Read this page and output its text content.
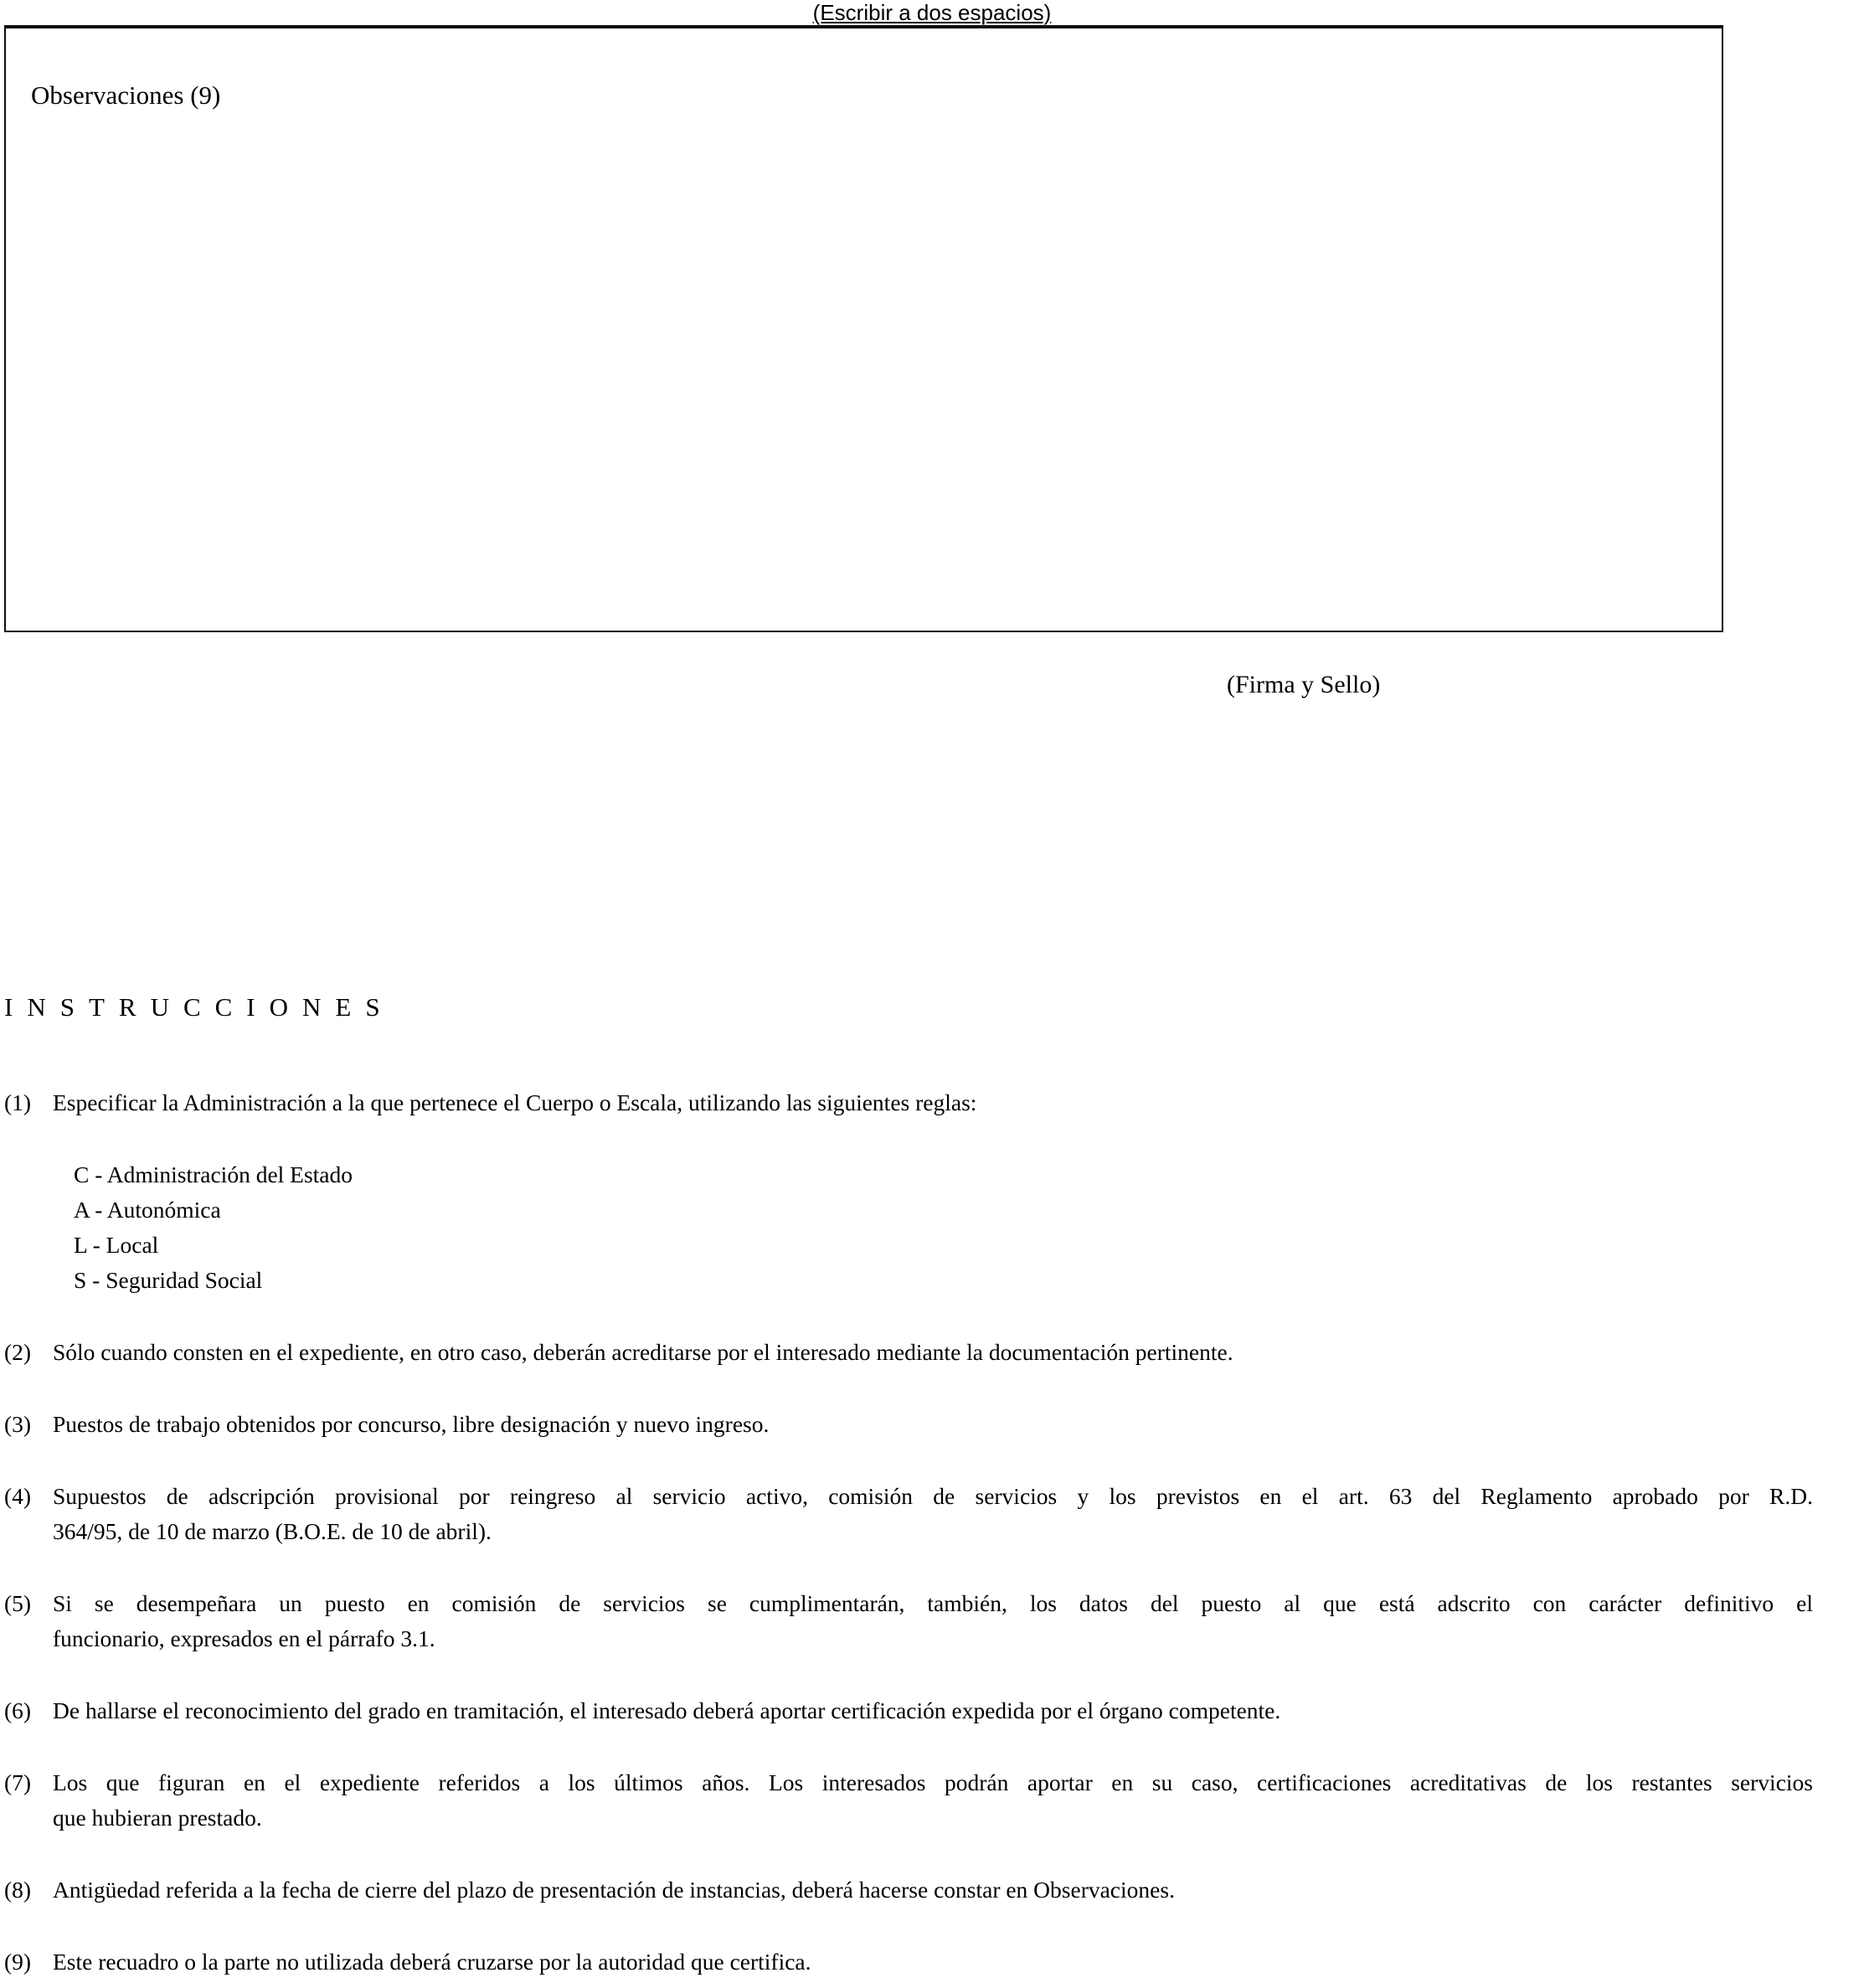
(Escribir a dos espacios)
Observaciones (9)
(Firma y Sello)
INSTRUCCIONES
(1) Especificar la Administración a la que pertenece el Cuerpo o Escala, utilizando las siguientes reglas:
C - Administración del Estado
A - Autonómica
L - Local
S - Seguridad Social
(2) Sólo cuando consten en el expediente, en otro caso, deberán acreditarse por el interesado mediante la documentación pertinente.
(3) Puestos de trabajo obtenidos por concurso, libre designación y nuevo ingreso.
(4) Supuestos de adscripción provisional por reingreso al servicio activo, comisión de servicios y los previstos en el art. 63 del Reglamento aprobado por R.D.
364/95, de 10 de marzo (B.O.E. de 10 de abril).
(5) Si se desempeñara un puesto en comisión de servicios se cumplimentarán, también, los datos del puesto al que está adscrito con carácter definitivo el
funcionario, expresados en el párrafo 3.1.
(6) De hallarse el reconocimiento del grado en tramitación, el interesado deberá aportar certificación expedida por el órgano competente.
(7) Los que figuran en el expediente referidos a los últimos años. Los interesados podrán aportar en su caso, certificaciones acreditativas de los restantes servicios
que hubieran prestado.
(8) Antigüedad referida a la fecha de cierre del plazo de presentación de instancias, deberá hacerse constar en Observaciones.
(9) Este recuadro o la parte no utilizada deberá cruzarse por la autoridad que certifica.
